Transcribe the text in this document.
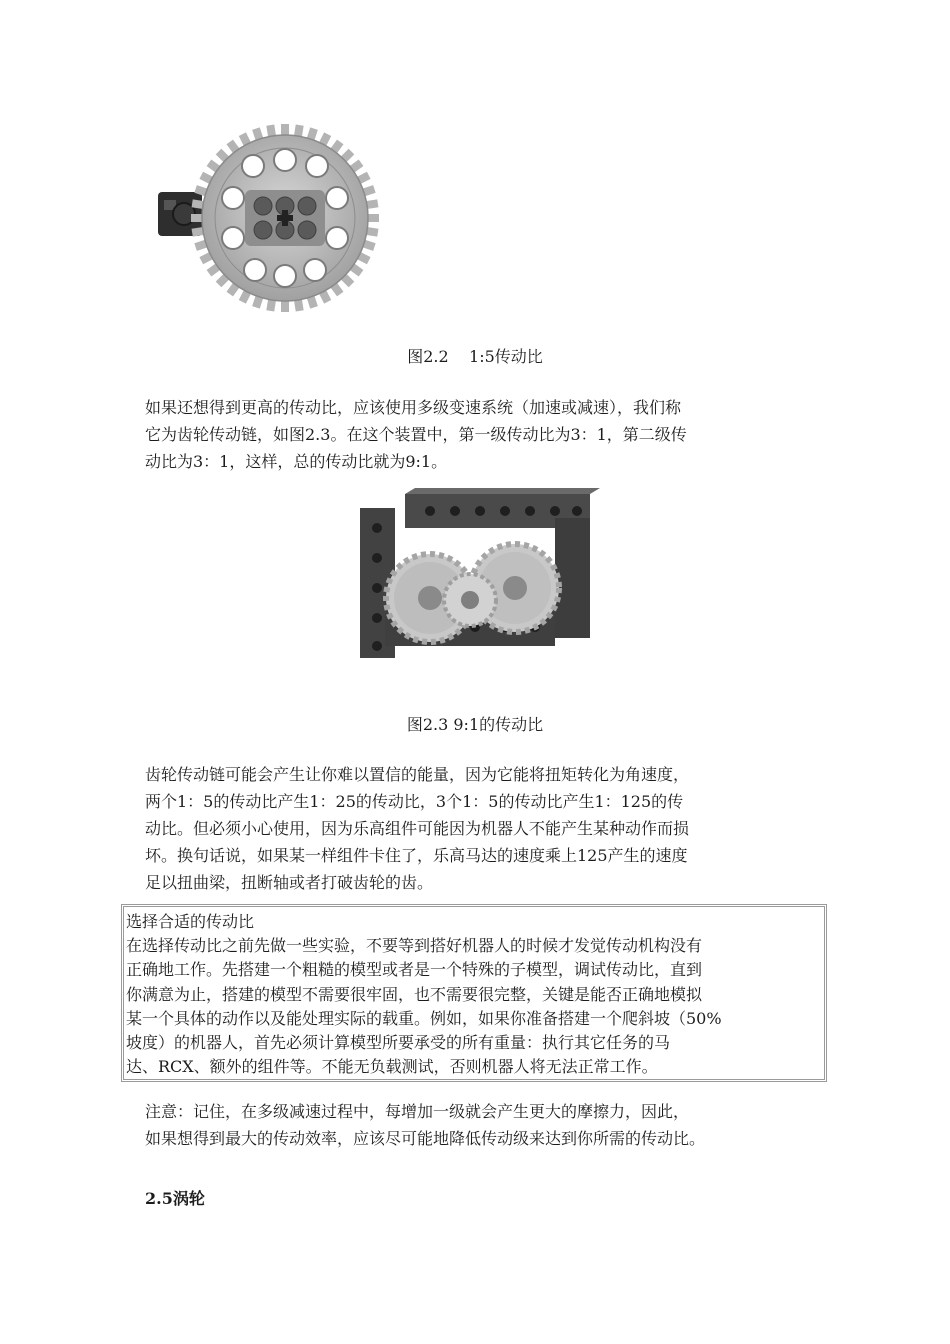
图2.2    1:5传动比
如果还想得到更高的传动比，应该使用多级变速系统（加速或减速），我们称
它为齿轮传动链，如图2.3。在这个装置中，第一级传动比为3：1，第二级传
动比为3：1，这样，总的传动比就为9:1。
图2.3 9:1的传动比
齿轮传动链可能会产生让你难以置信的能量，因为它能将扭矩转化为角速度，
两个1：5的传动比产生1：25的传动比，3个1：5的传动比产生1：125的传
动比。但必须小心使用，因为乐高组件可能因为机器人不能产生某种动作而损
坏。换句话说，如果某一样组件卡住了，乐高马达的速度乘上125产生的速度
足以扭曲梁，扭断轴或者打破齿轮的齿。
选择合适的传动比
在选择传动比之前先做一些实验，不要等到搭好机器人的时候才发觉传动机构没有
正确地工作。先搭建一个粗糙的模型或者是一个特殊的子模型，调试传动比，直到
你满意为止，搭建的模型不需要很牢固，也不需要很完整，关键是能否正确地模拟
某一个具体的动作以及能处理实际的载重。例如，如果你准备搭建一个爬斜坡（50%
坡度）的机器人，首先必须计算模型所要承受的所有重量：执行其它任务的马
达、RCX、额外的组件等。不能无负载测试，否则机器人将无法正常工作。
注意：记住，在多级减速过程中，每增加一级就会产生更大的摩擦力，因此，
如果想得到最大的传动效率，应该尽可能地降低传动级来达到你所需的传动比。
2.5涡轮
